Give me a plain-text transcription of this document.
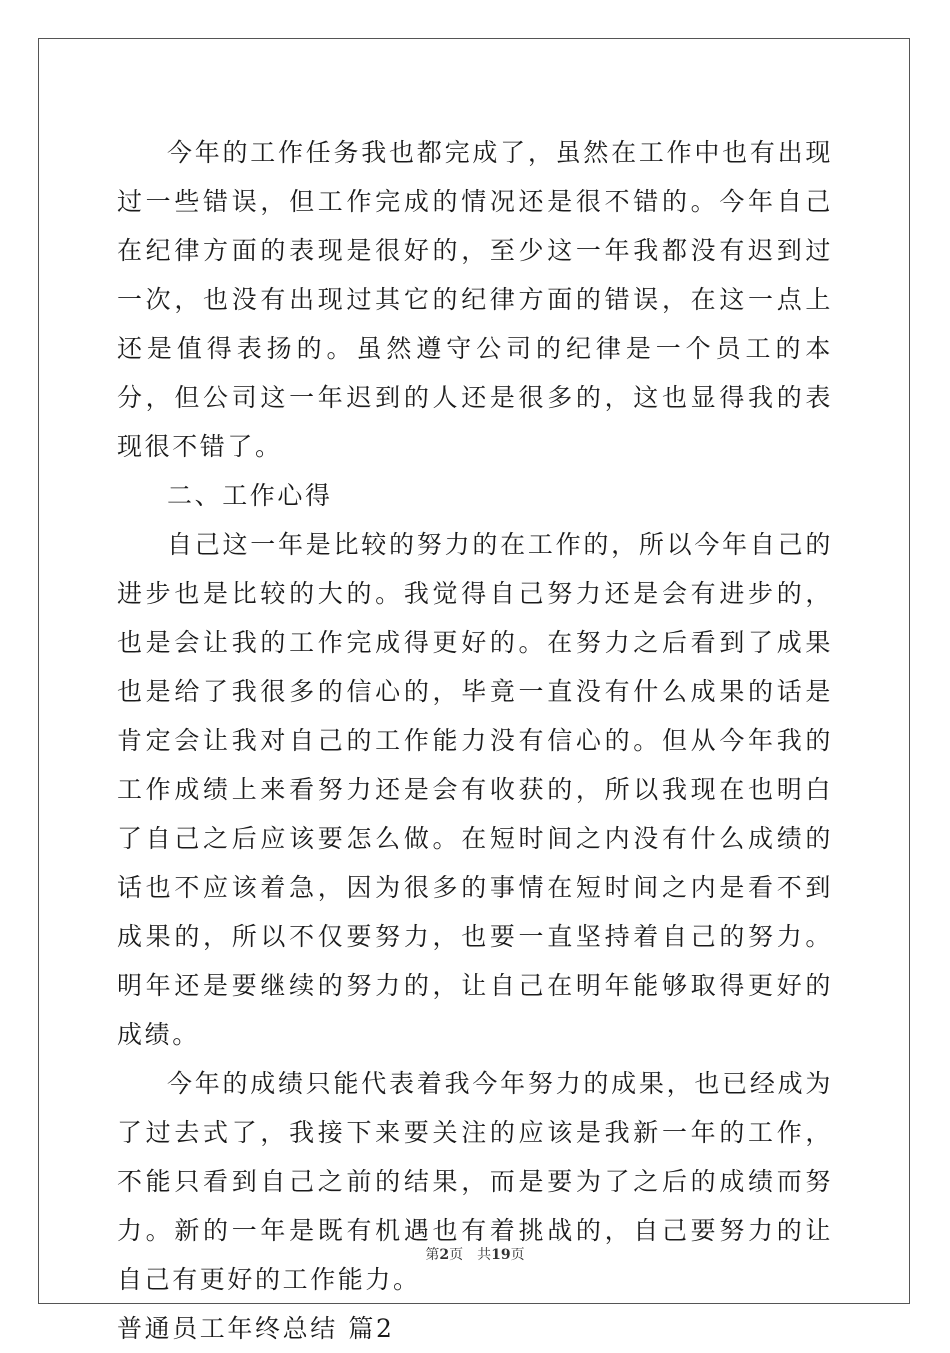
今年的工作任务我也都完成了，虽然在工作中也有出现过一些错误，但工作完成的情况还是很不错的。今年自己在纪律方面的表现是很好的，至少这一年我都没有迟到过一次，也没有出现过其它的纪律方面的错误，在这一点上还是值得表扬的。虽然遵守公司的纪律是一个员工的本分，但公司这一年迟到的人还是很多的，这也显得我的表现很不错了。

二、工作心得

自己这一年是比较的努力的在工作的，所以今年自己的进步也是比较的大的。我觉得自己努力还是会有进步的，也是会让我的工作完成得更好的。在努力之后看到了成果也是给了我很多的信心的，毕竟一直没有什么成果的话是肯定会让我对自己的工作能力没有信心的。但从今年我的工作成绩上来看努力还是会有收获的，所以我现在也明白了自己之后应该要怎么做。在短时间之内没有什么成绩的话也不应该着急，因为很多的事情在短时间之内是看不到成果的，所以不仅要努力，也要一直坚持着自己的努力。明年还是要继续的努力的，让自己在明年能够取得更好的成绩。

今年的成绩只能代表着我今年努力的成果，也已经成为了过去式了，我接下来要关注的应该是我新一年的工作，不能只看到自己之前的结果，而是要为了之后的成绩而努力。新的一年是既有机遇也有着挑战的，自己要努力的让自己有更好的工作能力。

普通员工年终总结 篇2

第2页　共19页
